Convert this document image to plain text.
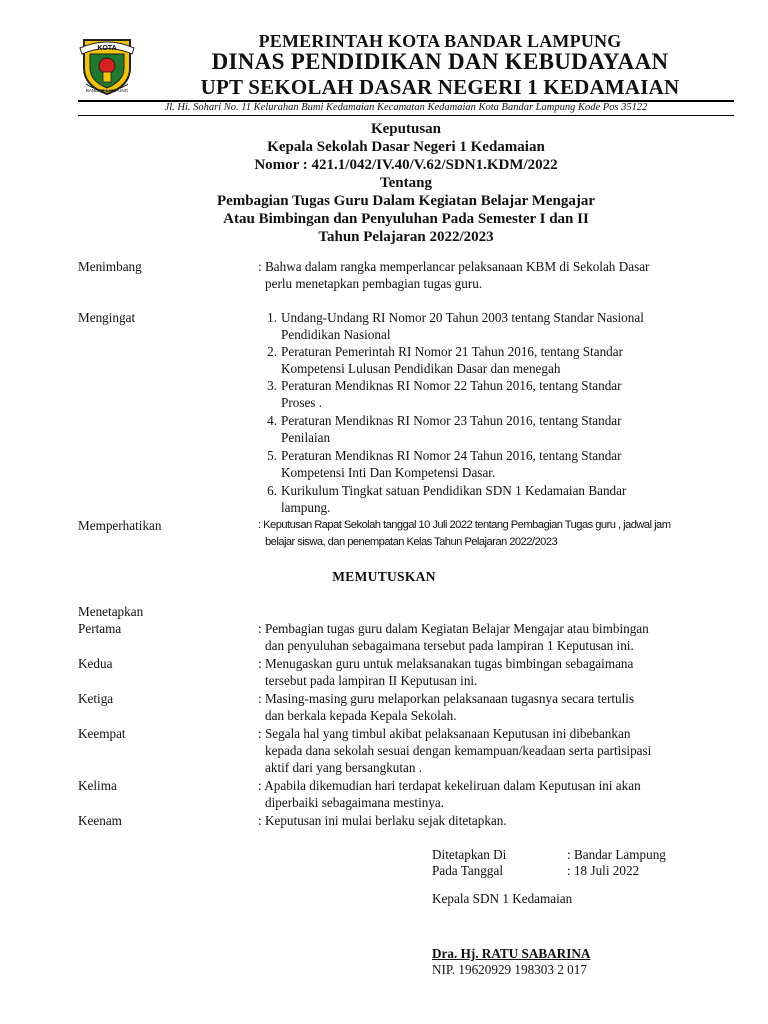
KOTA
BANDAR LAMPUNG
PEMERINTAH KOTA BANDAR LAMPUNG
DINAS PENDIDIKAN DAN KEBUDAYAAN
UPT SEKOLAH DASAR NEGERI 1 KEDAMAIAN
Jl. Hi. Sohari No. 11 Kelurahan Bumi Kedamaian Kecamatan Kedamaian Kota Bandar Lampung Kode Pos 35122
Keputusan
Kepala Sekolah Dasar Negeri 1 Kedamaian
Nomor : 421.1/042/IV.40/V.62/SDN1.KDM/2022
Tentang
Pembagian Tugas Guru Dalam Kegiatan Belajar Mengajar
Atau Bimbingan dan Penyuluhan Pada Semester I dan II
Tahun Pelajaran 2022/2023
Menimbang	: Bahwa dalam rangka memperlancar pelaksanaan KBM di Sekolah Dasar
perlu menetapkan pembagian tugas guru.
Mengingat	1. Undang-Undang RI Nomor 20 Tahun 2003 tentang Standar Nasional
Pendidikan Nasional
2. Peraturan Pemerintah RI Nomor 21 Tahun 2016, tentang Standar
Kompetensi Lulusan Pendidikan Dasar dan menegah
3. Peraturan Mendiknas RI Nomor 22 Tahun 2016, tentang Standar
Proses .
4. Peraturan Mendiknas RI Nomor 23 Tahun 2016, tentang Standar
Penilaian
5. Peraturan Mendiknas RI Nomor 24 Tahun 2016, tentang Standar
Kompetensi Inti Dan Kompetensi Dasar.
6. Kurikulum Tingkat satuan Pendidikan SDN 1 Kedamaian Bandar
lampung.
Memperhatikan	: Keputusan Rapat Sekolah tanggal 10 Juli 2022 tentang Pembagian Tugas guru , jadwal jam
belajar siswa, dan penempatan Kelas Tahun Pelajaran 2022/2023
MEMUTUSKAN
Menetapkan
Pertama	: Pembagian tugas guru dalam Kegiatan Belajar Mengajar atau bimbingan
dan penyuluhan sebagaimana tersebut pada lampiran 1 Keputusan ini.
Kedua	: Menugaskan guru untuk melaksanakan tugas bimbingan sebagaimana
tersebut pada lampiran II Keputusan ini.
Ketiga	: Masing-masing guru melaporkan pelaksanaan tugasnya secara tertulis
dan berkala kepada Kepala Sekolah.
Keempat	: Segala hal yang timbul akibat pelaksanaan Keputusan ini dibebankan
kepada dana sekolah sesuai dengan kemampuan/keadaan serta partisipasi
aktif dari yang bersangkutan .
Kelima	: Apabila dikemudian hari terdapat kekeliruan dalam Keputusan ini akan
diperbaiki sebagaimana mestinya.
Keenam	: Keputusan ini mulai berlaku sejak ditetapkan.
Ditetapkan Di	: Bandar Lampung
Pada Tanggal	: 18 Juli 2022
Kepala SDN 1 Kedamaian
Dra. Hj. RATU SABARINA
NIP. 19620929 198303 2 017
